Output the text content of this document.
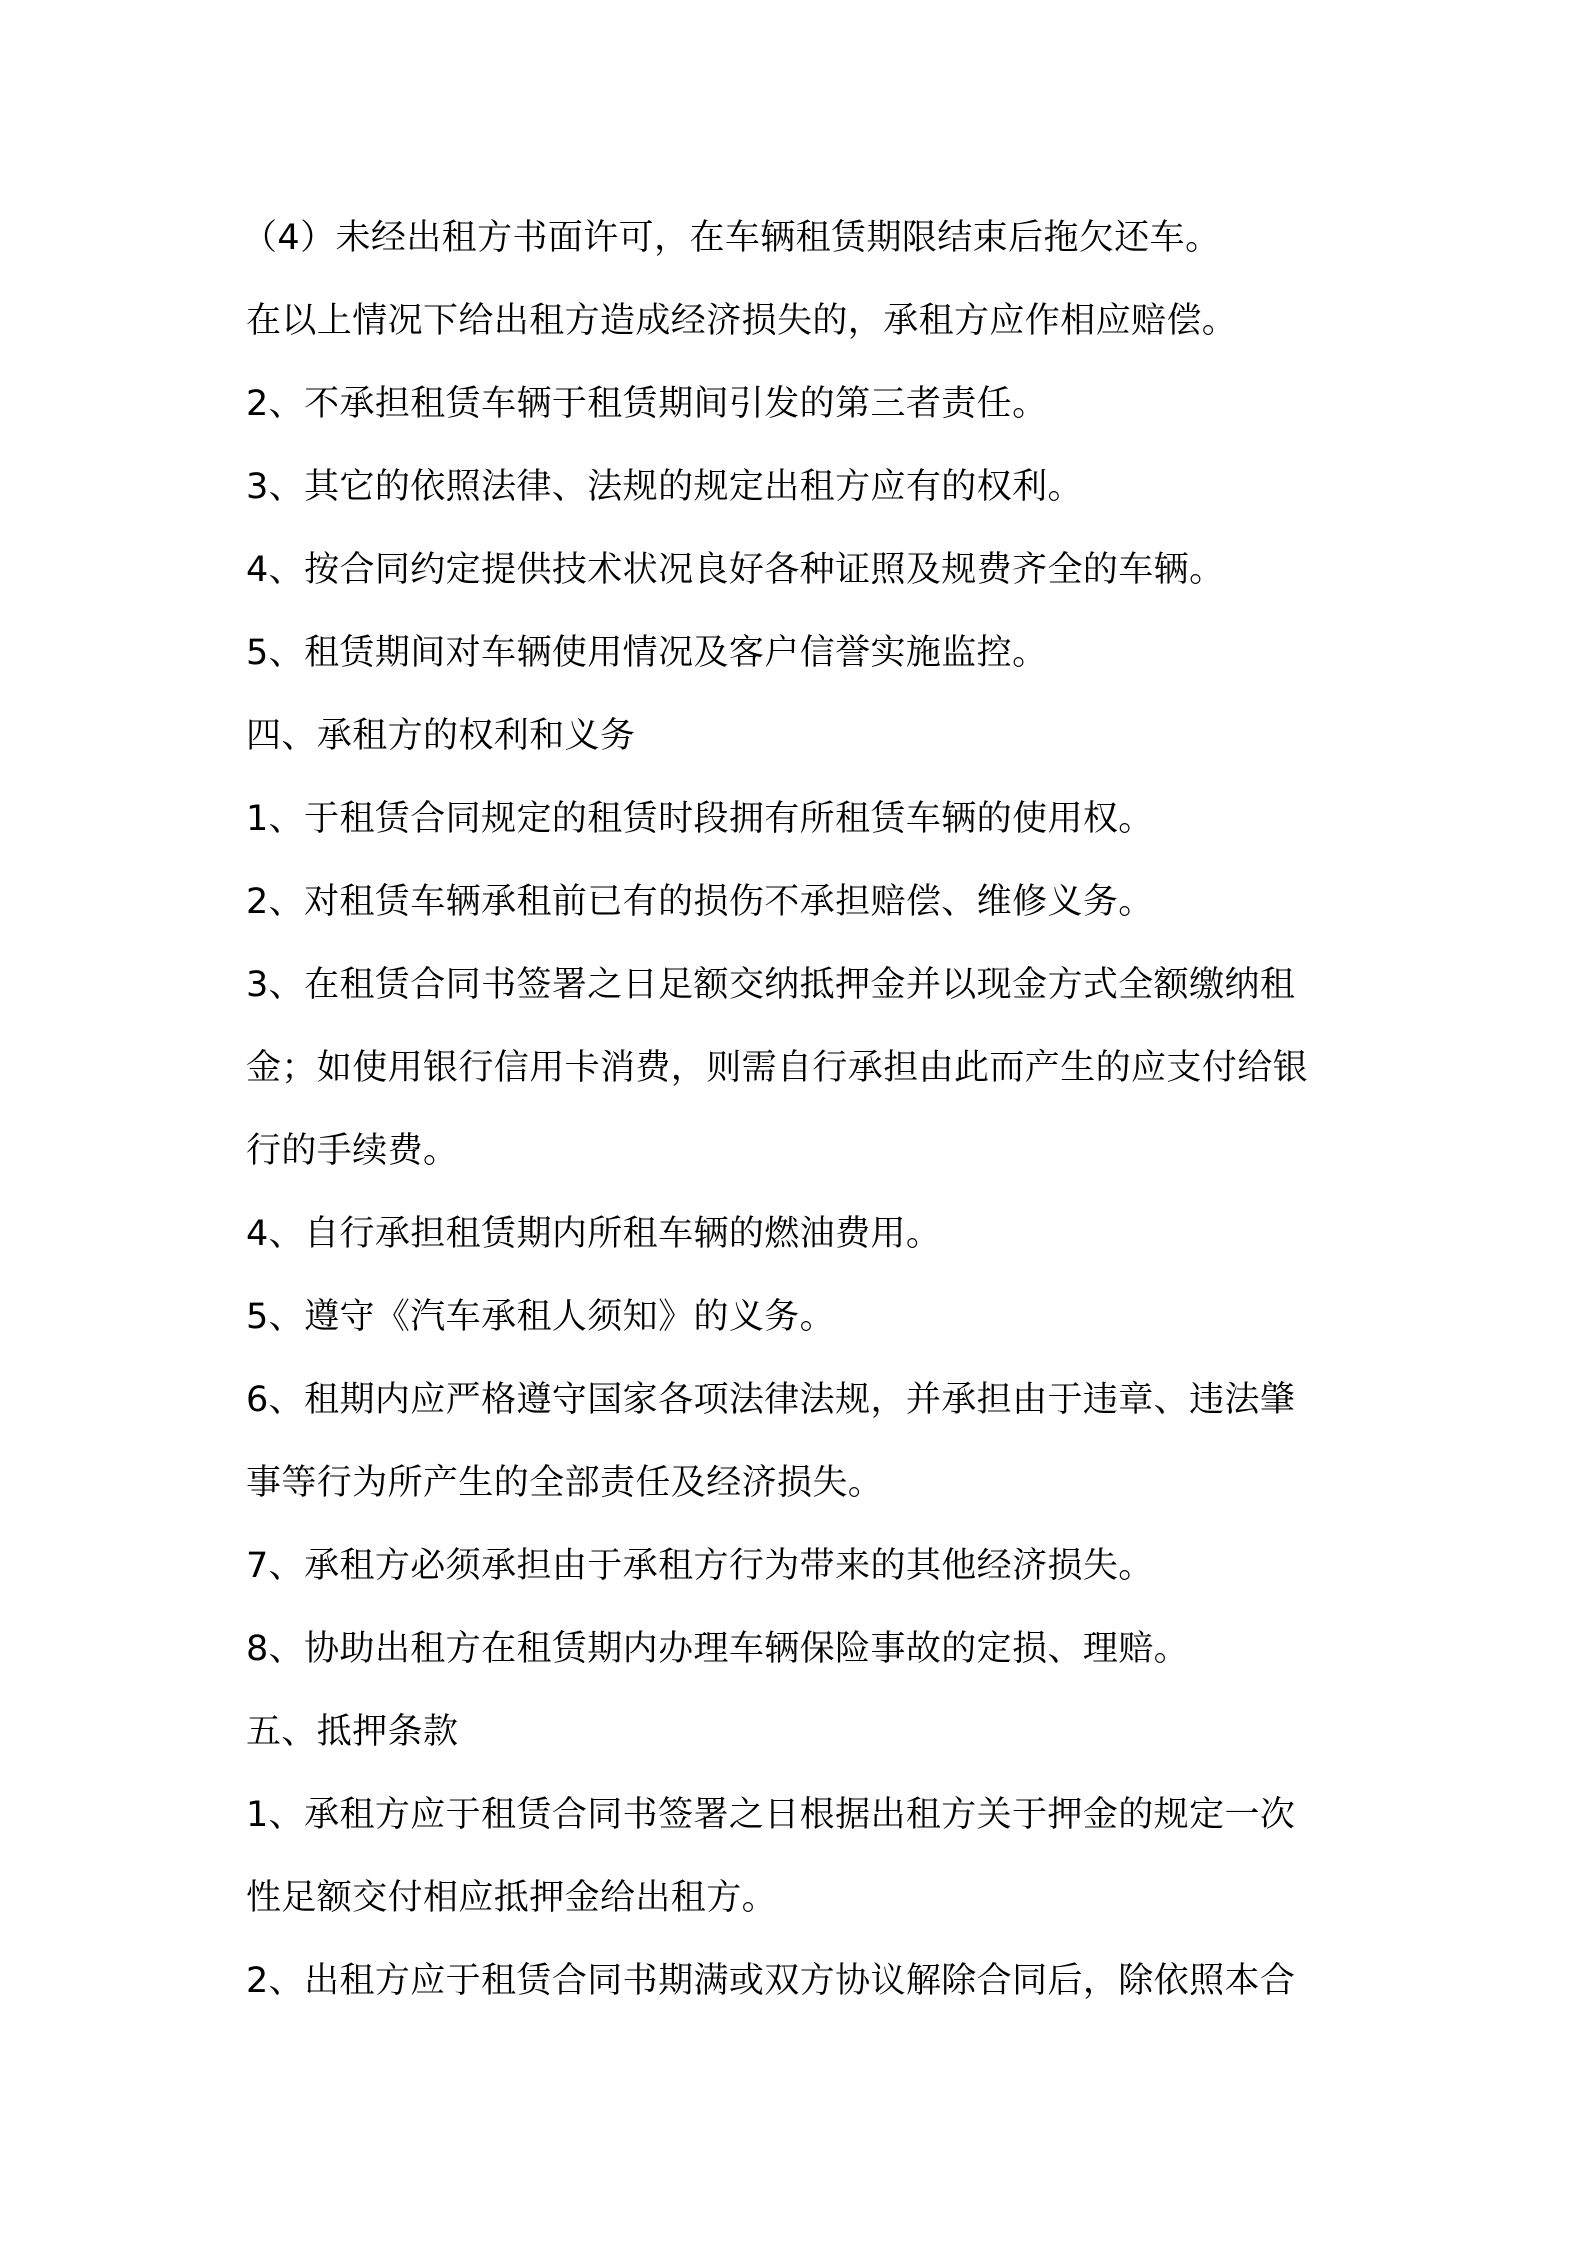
（4）未经出租方书面许可，在车辆租赁期限结束后拖欠还车。

在以上情况下给出租方造成经济损失的，承租方应作相应赔偿。

2、不承担租赁车辆于租赁期间引发的第三者责任。

3、其它的依照法律、法规的规定出租方应有的权利。

4、按合同约定提供技术状况良好各种证照及规费齐全的车辆。

5、租赁期间对车辆使用情况及客户信誉实施监控。

四、承租方的权利和义务

1、于租赁合同规定的租赁时段拥有所租赁车辆的使用权。

2、对租赁车辆承租前已有的损伤不承担赔偿、维修义务。

3、在租赁合同书签署之日足额交纳抵押金并以现金方式全额缴纳租

金；如使用银行信用卡消费，则需自行承担由此而产生的应支付给银

行的手续费。

4、自行承担租赁期内所租车辆的燃油费用。

5、遵守《汽车承租人须知》的义务。

6、租期内应严格遵守国家各项法律法规，并承担由于违章、违法肇

事等行为所产生的全部责任及经济损失。

7、承租方必须承担由于承租方行为带来的其他经济损失。

8、协助出租方在租赁期内办理车辆保险事故的定损、理赔。

五、抵押条款

1、承租方应于租赁合同书签署之日根据出租方关于押金的规定一次

性足额交付相应抵押金给出租方。

2、出租方应于租赁合同书期满或双方协议解除合同后，除依照本合
